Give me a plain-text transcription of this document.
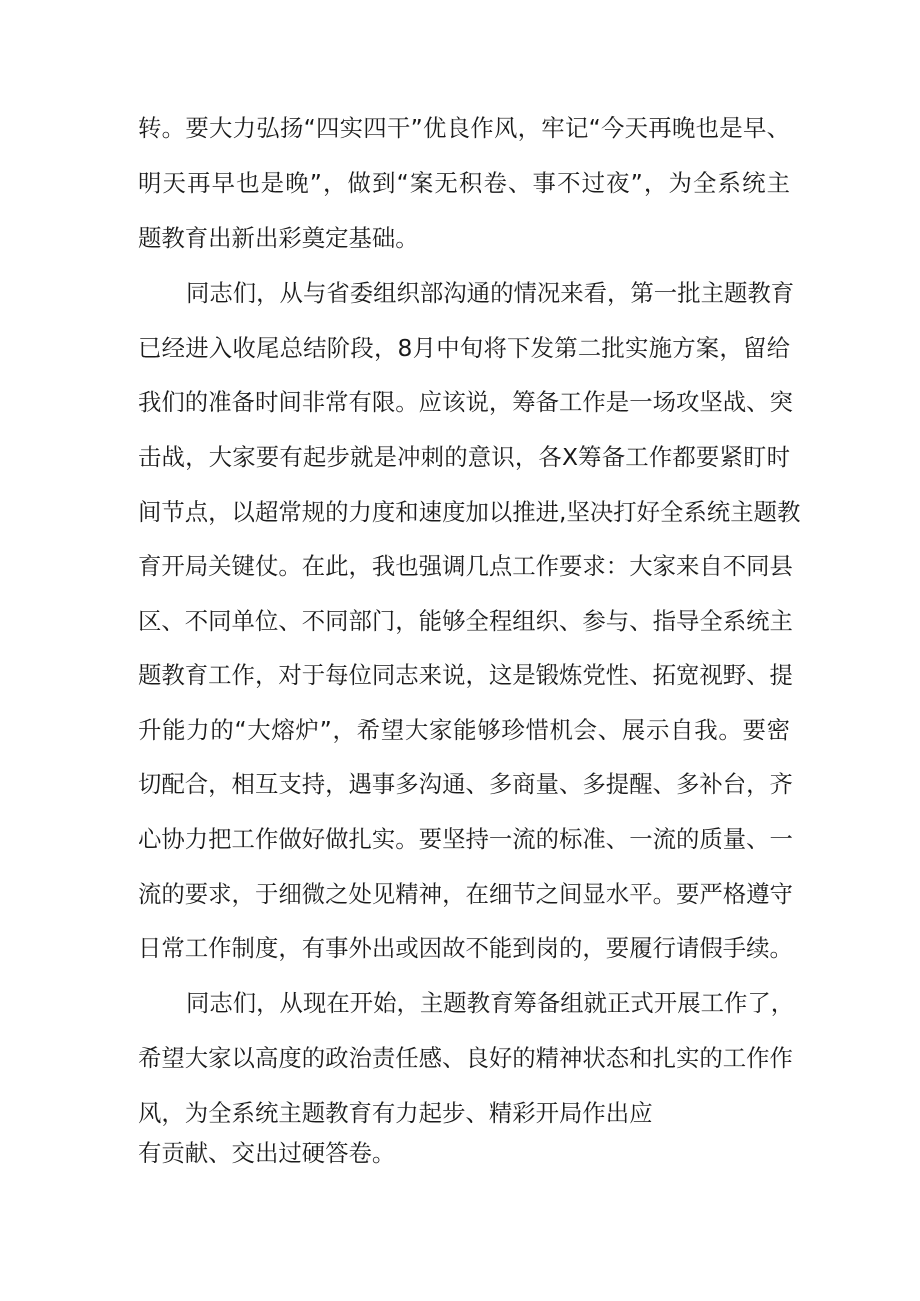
转。要大力弘扬“四实四干”优良作风，牢记“今天再晚也是早、
明天再早也是晚”，做到“案无积卷、事不过夜”，为全系统主
题教育出新出彩奠定基础。
同志们，从与省委组织部沟通的情况来看，第一批主题教育
已经进入收尾总结阶段，8月中旬将下发第二批实施方案，留给
我们的准备时间非常有限。应该说，筹备工作是一场攻坚战、突
击战，大家要有起步就是冲刺的意识，各X筹备工作都要紧盯时
间节点，以超常规的力度和速度加以推进,坚决打好全系统主题教
育开局关键仗。在此，我也强调几点工作要求：大家来自不同县
区、不同单位、不同部门，能够全程组织、参与、指导全系统主
题教育工作，对于每位同志来说，这是锻炼党性、拓宽视野、提
升能力的“大熔炉”，希望大家能够珍惜机会、展示自我。要密
切配合，相互支持，遇事多沟通、多商量、多提醒、多补台，齐
心协力把工作做好做扎实。要坚持一流的标准、一流的质量、一
流的要求，于细微之处见精神，在细节之间显水平。要严格遵守
日常工作制度，有事外出或因故不能到岗的，要履行请假手续。
同志们，从现在开始，主题教育筹备组就正式开展工作了，
希望大家以高度的政治责任感、良好的精神状态和扎实的工作作
风，为全系统主题教育有力起步、精彩开局作出应
有贡献、交出过硬答卷。
